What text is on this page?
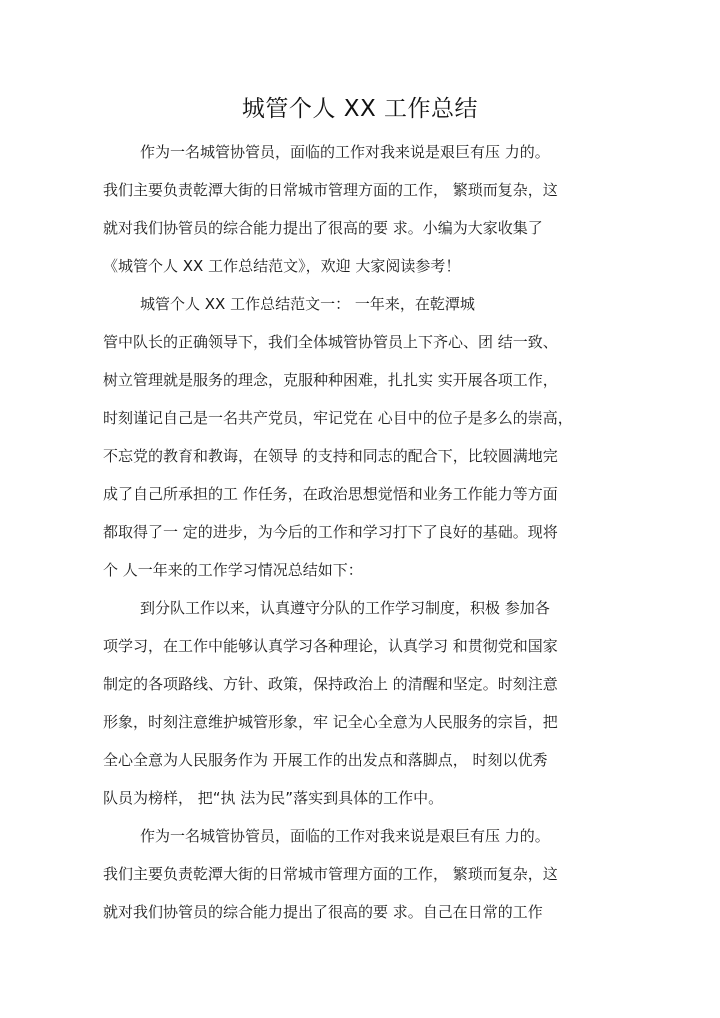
城管个人 XX 工作总结
作为一名城管协管员，面临的工作对我来说是艰巨有压 力的。
我们主要负责乾潭大街的日常城市管理方面的工作， 繁琐而复杂，这
就对我们协管员的综合能力提出了很高的要 求。小编为大家收集了
《城管个人 XX 工作总结范文》，欢迎 大家阅读参考！
城管个人 XX 工作总结范文一： 一年来，在乾潭城
管中队长的正确领导下，我们全体城管协管员上下齐心、团 结一致、
树立管理就是服务的理念，克服种种困难，扎扎实 实开展各项工作，
时刻谨记自己是一名共产党员，牢记党在 心目中的位子是多么的崇高，
不忘党的教育和教诲，在领导 的支持和同志的配合下，比较圆满地完
成了自己所承担的工 作任务，在政治思想觉悟和业务工作能力等方面
都取得了一 定的进步，为今后的工作和学习打下了良好的基础。现将
个 人一年来的工作学习情况总结如下：
到分队工作以来，认真遵守分队的工作学习制度，积极 参加各
项学习，在工作中能够认真学习各种理论，认真学习 和贯彻党和国家
制定的各项路线、方针、政策，保持政治上 的清醒和坚定。时刻注意
形象，时刻注意维护城管形象，牢 记全心全意为人民服务的宗旨，把
全心全意为人民服务作为 开展工作的出发点和落脚点， 时刻以优秀
队员为榜样， 把“执 法为民”落实到具体的工作中。
作为一名城管协管员，面临的工作对我来说是艰巨有压 力的。
我们主要负责乾潭大街的日常城市管理方面的工作， 繁琐而复杂，这
就对我们协管员的综合能力提出了很高的要 求。自己在日常的工作
